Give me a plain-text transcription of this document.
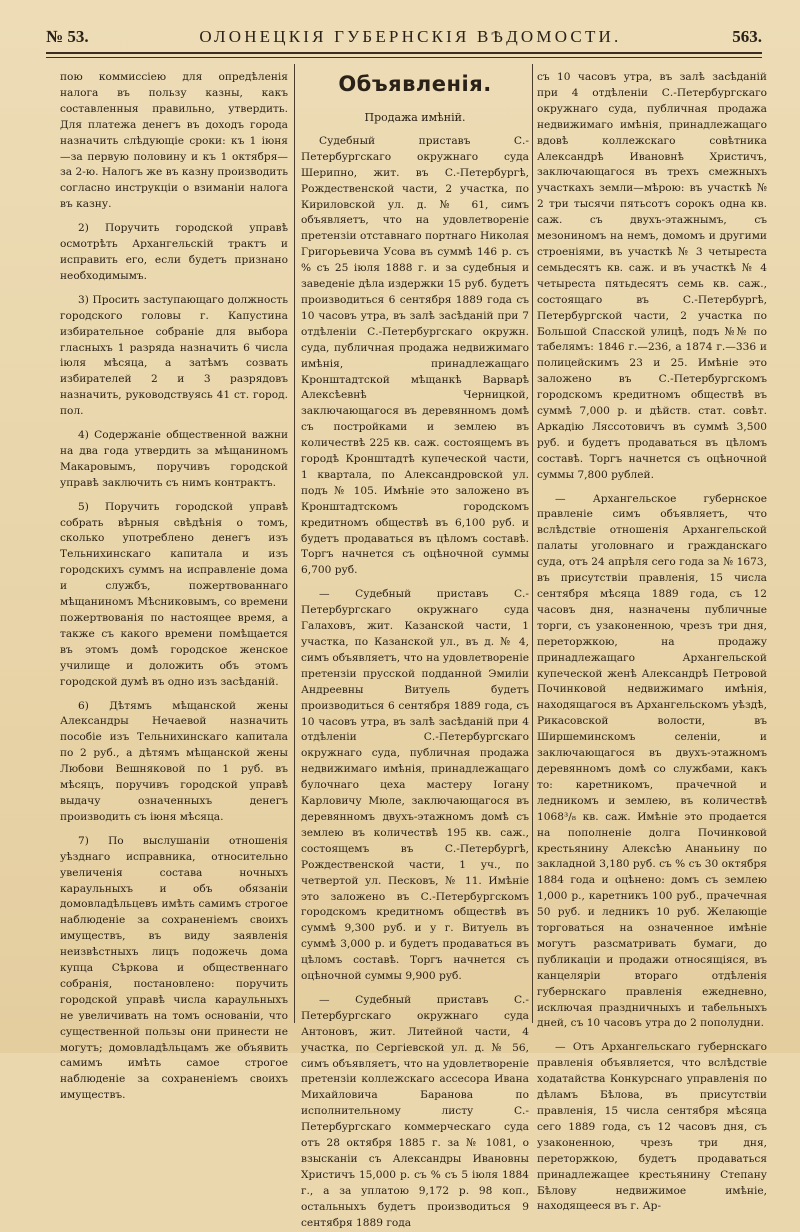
№ 53.	ОЛОНЕЦКІЯ ГУБЕРНСКІЯ ВѢДОМОСТИ.	563.

пою коммиссiею для опредѣленія налога въ пользу казны, какъ составленныя правильно, утвердить. Для платежа денегъ въ доходъ города назначить слѣдующіе сроки: къ 1 іюня—за первую половину и къ 1 октября—за 2-ю. Налогъ же въ казну производить согласно инструкціи о взиманіи налога въ казну.

2) Поручить городской управѣ осмотрѣть Архангельскій трактъ и исправить его, если будетъ признано необходимымъ.

3) Просить заступающаго должность городского головы г. Капустина избирательное собраніе для выбора гласныхъ 1 разряда назначить 6 числа іюля мѣсяца, а затѣмъ созвать избирателей 2 и 3 разрядовъ назначить, руководствуясь 41 ст. город. пол.

4) Содержаніе общественной важни на два года утвердить за мѣщаниномъ Макаровымъ, поручивъ городской управѣ заключить съ нимъ контрактъ.

5) Поручить городской управѣ собрать вѣрныя свѣдѣнія о томъ, сколько употреблено денегъ изъ Тельнихинскаго капитала и изъ городскихъ суммъ на исправленіе дома и службъ, пожертвованнаго мѣщаниномъ Мѣсниковымъ, со времени пожертвованія по настоящее время, а также съ какого времени помѣщается въ этомъ домѣ городское женское училище и доложить объ этомъ городской думѣ въ одно изъ засѣданій.

6) Дѣтямъ мѣщанской жены Александры Нечаевой назначить пособіе изъ Тельнихинскаго капитала по 2 руб., а дѣтямъ мѣщанской жены Любови Вешняковой по 1 руб. въ мѣсяцъ, поручивъ городской управѣ выдачу означенныхъ денегъ производить съ іюня мѣсяца.

7) По выслушаніи отношенія уѣзднаго исправника, относительно увеличенія состава ночныхъ караульныхъ и объ обязаніи домовладѣльцевъ имѣть самимъ строгое наблюденіе за сохраненіемъ своихъ имуществъ, въ виду заявленія неизвѣстныхъ лицъ подожечь дома купца Сѣркова и общественнаго собранія, постановлено: поручить городской управѣ числа караульныхъ не увеличивать на томъ основаніи, что существенной пользы они принести не могутъ; домовладѣльцамъ же объявить самимъ имѣть самое строгое наблюденіе за сохраненіемъ своихъ имуществъ.

Объявленія.

Продажа имѣній.

Судебный приставъ С.-Петербургскаго окружнаго суда Шерипно, жит. въ С.-Петербургѣ, Рождественской части, 2 участка, по Кириловской ул. д. № 61, симъ объявляетъ, что на удовлетвореніе претензіи отставнаго портнаго Николая Григорьевича Усова въ суммѣ 146 р. съ % съ 25 іюля 1888 г. и за судебныя и заведеніе дѣла издержки 15 руб. будетъ производиться 6 сентября 1889 года съ 10 часовъ утра, въ залѣ засѣданій при 7 отдѣленіи С.-Петербургскаго окружн. суда, публичная продажа недвижимаго имѣнія, принадлежащаго Кронштадтской мѣщанкѣ Варварѣ Алексѣевнѣ Черницкой, заключающагося въ деревянномъ домѣ съ постройками и землею въ количествѣ 225 кв. саж. состоящемъ въ городѣ Кронштадтѣ купеческой части, 1 квартала, по Александровской ул. подъ № 105. Имѣніе это заложено въ Кронштадтскомъ городскомъ кредитномъ обществѣ въ 6,100 руб. и будетъ продаваться въ цѣломъ составѣ. Торгъ начнется съ оцѣночной суммы 6,700 руб.

— Судебный приставъ С.-Петербургскаго окружнаго суда Галаховъ, жит. Казанской части, 1 участка, по Казанской ул., въ д. № 4, симъ объявляетъ, что на удовлетвореніе претензіи прусской подданной Эмиліи Андреевны Витуель будетъ производиться 6 сентября 1889 года, съ 10 часовъ утра, въ залѣ засѣданій при 4 отдѣленіи С.-Петербургскаго окружнаго суда, публичная продажа недвижимаго имѣнія, принадлежащаго булочнаго цеха мастеру Іогану Карловичу Мюле, заключающагося въ деревянномъ двухъ-этажномъ домѣ съ землею въ количествѣ 195 кв. саж., состоящемъ въ С.-Петербургѣ, Рождественской части, 1 уч., по четвертой ул. Песковъ, № 11. Имѣніе это заложено въ С.-Петербургскомъ городскомъ кредитномъ обществѣ въ суммѣ 9,300 руб. и у г. Витуель въ суммѣ 3,000 р. и будетъ продаваться въ цѣломъ составѣ. Торгъ начнется съ оцѣночной суммы 9,900 руб.

— Судебный приставъ С.-Петербургскаго окружнаго суда Антоновъ, жит. Литейной части, 4 участка, по Сергіевской ул. д. № 56, симъ объявляетъ, что на удовлетвореніе претензіи коллежскаго ассесора Ивана Михайловича Баранова по исполнительному листу С.-Петербургскаго коммерческаго суда отъ 28 октября 1885 г. за № 1081, о взысканіи съ Александры Ивановны Христичъ 15,000 р. съ % съ 5 іюля 1884 г., а за уплатою 9,172 р. 98 коп., остальныхъ будетъ производиться 9 сентября 1889 года

съ 10 часовъ утра, въ залѣ засѣданій при 4 отдѣленіи С.-Петербургскаго окружнаго суда, публичная продажа недвижимаго имѣнія, принадлежащаго вдовѣ коллежскаго совѣтника Александрѣ Ивановнѣ Христичъ, заключающагося въ трехъ смежныхъ участкахъ земли—мѣрою: въ участкѣ № 2 три тысячи пятьсотъ сорокъ одна кв. саж. съ двухъ-этажнымъ, съ мезониномъ на немъ, домомъ и другими строеніями, въ участкѣ № 3 четыреста семьдесятъ кв. саж. и въ участкѣ № 4 четыреста пятьдесятъ семь кв. саж., состоящаго въ С.-Петербургѣ, Петербургской части, 2 участка по Большой Спасской улицѣ, подъ №№ по табелямъ: 1846 г.—236, а 1874 г.—336 и полицейскимъ 23 и 25. Имѣніе это заложено въ С.-Петербургскомъ городскомъ кредитномъ обществѣ въ суммѣ 7,000 р. и дѣйств. стат. совѣт. Аркадію Лясcотовичъ въ суммѣ 3,500 руб. и будетъ продаваться въ цѣломъ составѣ. Торгъ начнется съ оцѣночной суммы 7,800 рублей.

— Архангельское губернское правленіе симъ объявляетъ, что вслѣдствіе отношенія Архангельской палаты уголовнаго и гражданскаго суда, отъ 24 апрѣля сего года за № 1673, въ присутствіи правленія, 15 числа сентября мѣсяца 1889 года, съ 12 часовъ дня, назначены публичные торги, съ узаконенною, чрезъ три дня, переторжкою, на продажу принадлежащаго Архангельской купеческой женѣ Александрѣ Петровой Починковой недвижимаго имѣнія, находящагося въ Архангельскомъ уѣздѣ, Рикасовской волости, въ Ширшеминскомъ селеніи, и заключающагося въ двухъ-этажномъ деревянномъ домѣ со службами, какъ то: каретникомъ, прачечной и ледникомъ и землею, въ количествѣ 1068³/₈ кв. саж. Имѣніе это продается на пополненіе долга Починковой крестьянину Алексѣю Ананьину по закладной 3,180 руб. съ % съ 30 октября 1884 года и оцѣнено: домъ съ землею 1,000 р., каретникъ 100 руб., прачечная 50 руб. и ледникъ 10 руб. Желающіе торговаться на означенное имѣніе могутъ разсматривать бумаги, до публикаціи и продажи относящіяся, въ канцеляріи втораго отдѣленія губернскаго правленія ежедневно, исключая праздничныхъ и табельныхъ дней, съ 10 часовъ утра до 2 пополудни.

— Отъ Архангельскаго губернскаго правленія объявляется, что вслѣдствіе ходатайства Конкурснаго управленія по дѣламъ Бѣлова, въ присутствіи правленія, 15 числа сентября мѣсяца сего 1889 года, съ 12 часовъ дня, съ узаконенною, чрезъ три дня, переторжкою, будетъ продаваться принадлежащее крестьянину Степану Бѣлову недвижимое имѣніе, находящееся въ г. Ар-
